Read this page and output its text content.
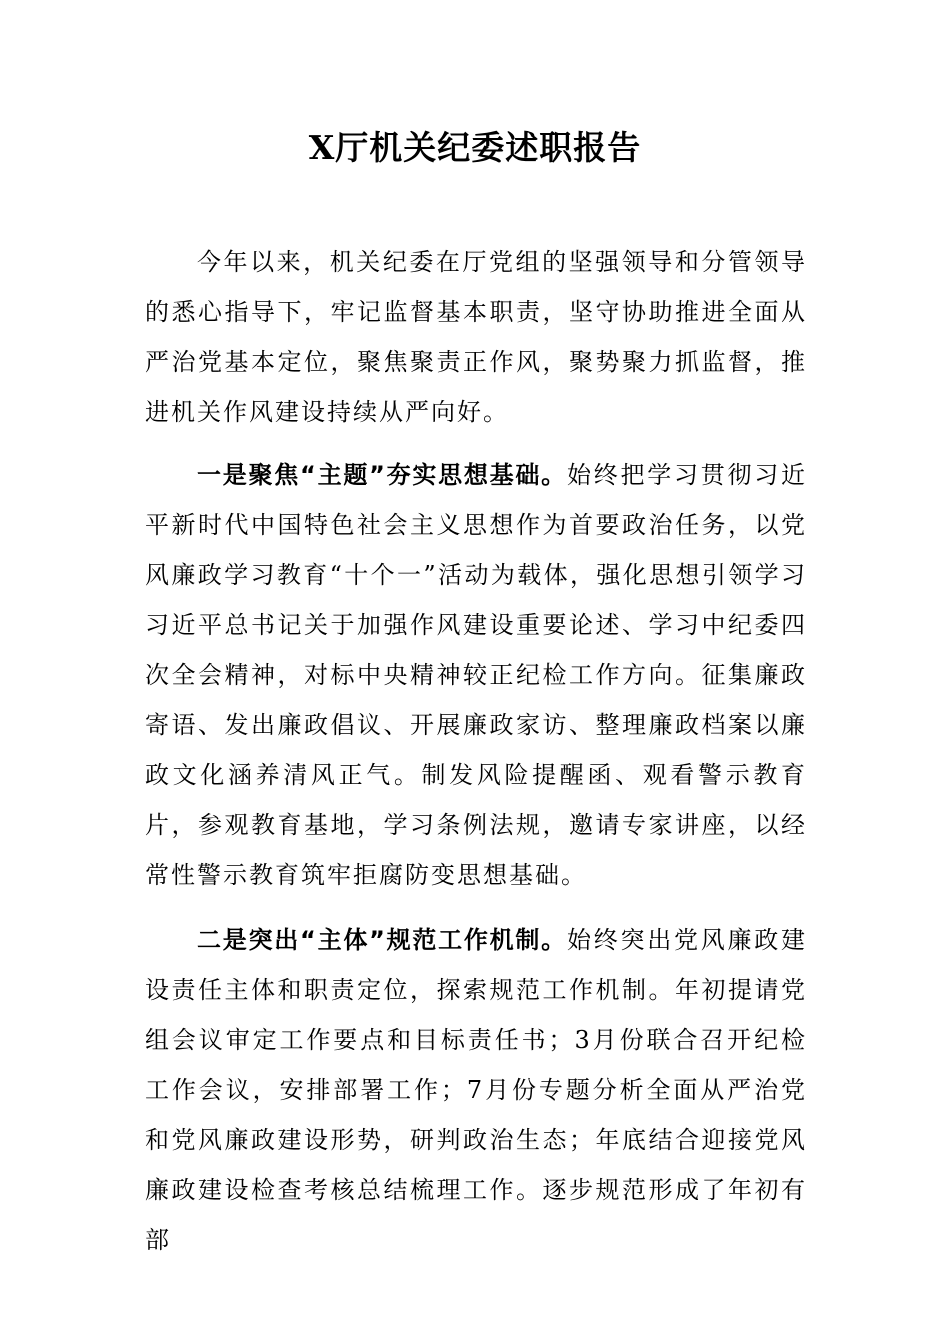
X厅机关纪委述职报告

今年以来，机关纪委在厅党组的坚强领导和分管领导的悉心指导下，牢记监督基本职责，坚守协助推进全面从严治党基本定位，聚焦聚责正作风，聚势聚力抓监督，推进机关作风建设持续从严向好。

一是聚焦“主题”夯实思想基础。始终把学习贯彻习近平新时代中国特色社会主义思想作为首要政治任务，以党风廉政学习教育“十个一”活动为载体，强化思想引领学习习近平总书记关于加强作风建设重要论述、学习中纪委四次全会精神，对标中央精神较正纪检工作方向。征集廉政寄语、发出廉政倡议、开展廉政家访、整理廉政档案以廉政文化涵养清风正气。制发风险提醒函、观看警示教育片，参观教育基地，学习条例法规，邀请专家讲座，以经常性警示教育筑牢拒腐防变思想基础。

二是突出“主体”规范工作机制。始终突出党风廉政建设责任主体和职责定位，探索规范工作机制。年初提请党组会议审定工作要点和目标责任书；3月份联合召开纪检工作会议，安排部署工作；7月份专题分析全面从严治党和党风廉政建设形势，研判政治生态；年底结合迎接党风廉政建设检查考核总结梳理工作。逐步规范形成了年初有部
